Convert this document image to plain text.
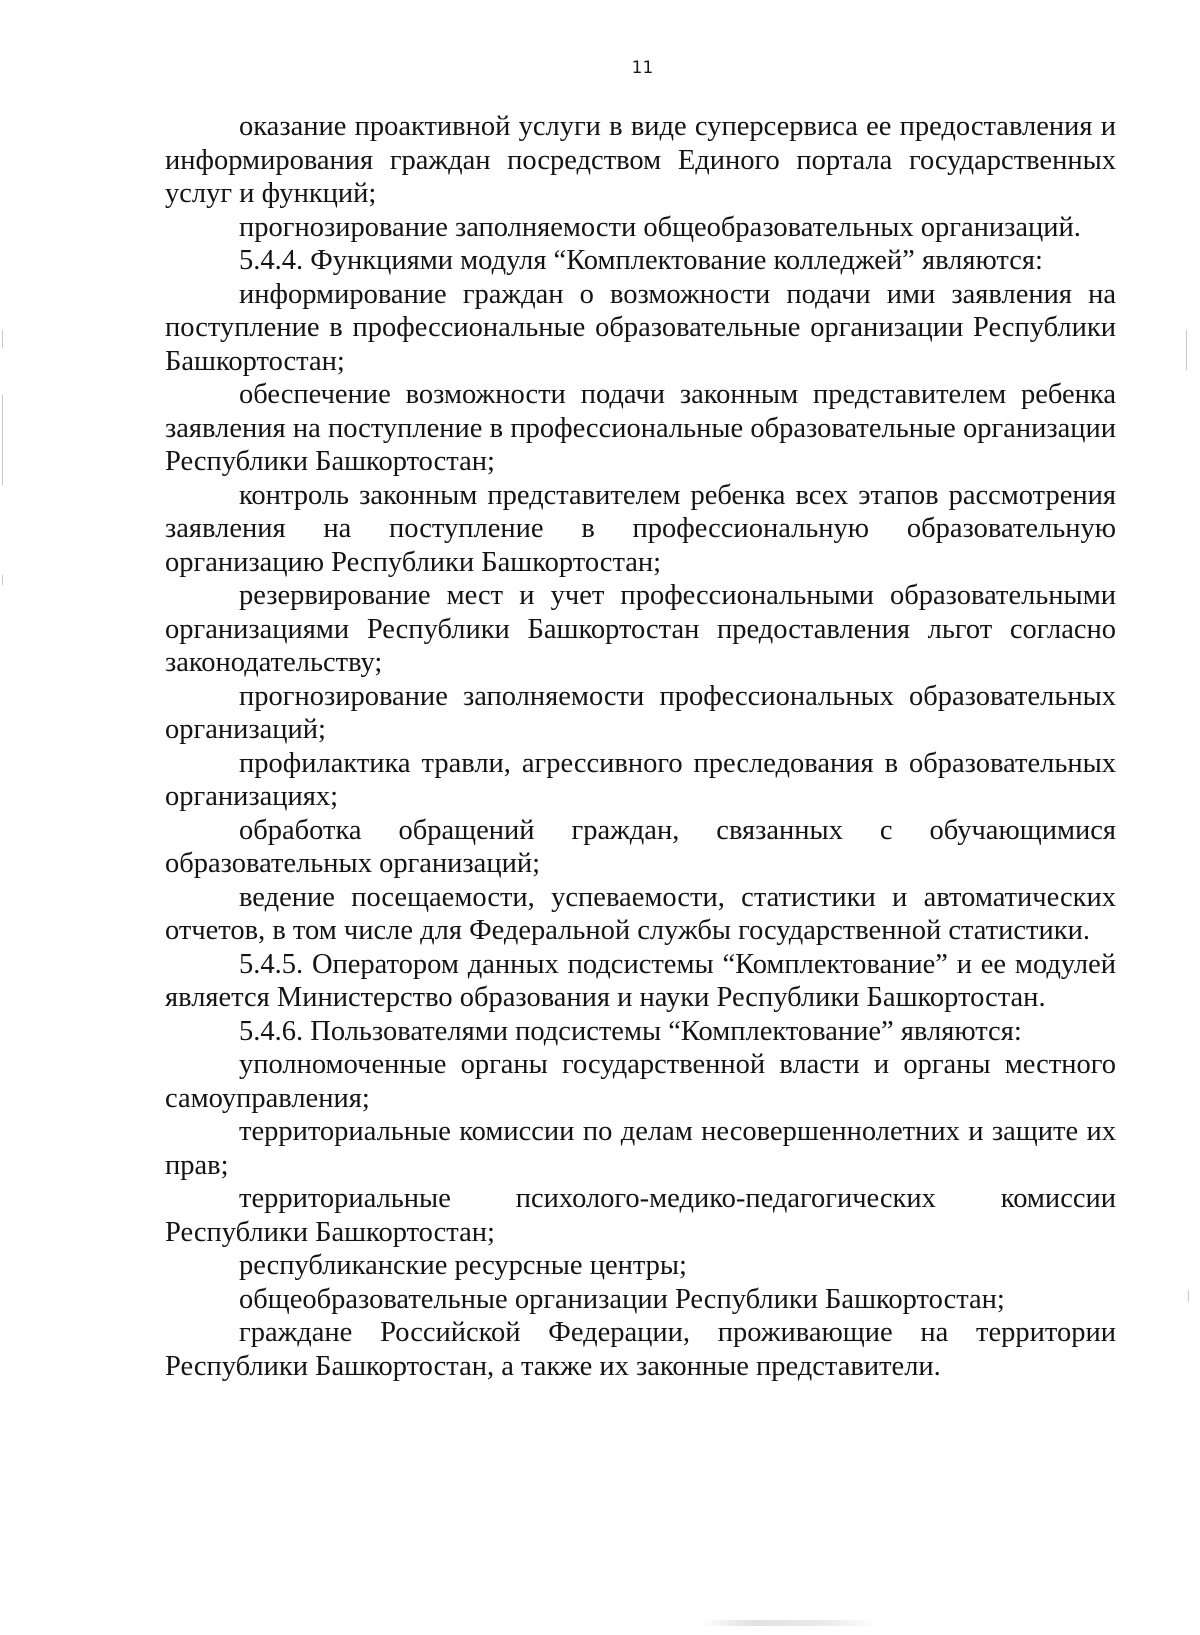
11

оказание проактивной услуги в виде суперсервиса ее предоставления и информирования граждан посредством Единого портала государственных услуг и функций;

прогнозирование заполняемости общеобразовательных организаций.

5.4.4. Функциями модуля “Комплектование колледжей” являются:

информирование граждан о возможности подачи ими заявления на поступление в профессиональные образовательные организации Республики Башкортостан;

обеспечение возможности подачи законным представителем ребенка заявления на поступление в профессиональные образовательные организации Республики Башкортостан;

контроль законным представителем ребенка всех этапов рассмотрения заявления на поступление в профессиональную образовательную организацию Республики Башкортостан;

резервирование мест и учет профессиональными образовательными организациями Республики Башкортостан предоставления льгот согласно законодательству;

прогнозирование заполняемости профессиональных образовательных организаций;

профилактика травли, агрессивного преследования в образовательных организациях;

обработка обращений граждан, связанных с обучающимися образовательных организаций;

ведение посещаемости, успеваемости, статистики и автоматических отчетов, в том числе для Федеральной службы государственной статистики.

5.4.5. Оператором данных подсистемы “Комплектование” и ее модулей является Министерство образования и науки Республики Башкортостан.

5.4.6. Пользователями подсистемы “Комплектование” являются:

уполномоченные органы государственной власти и органы местного самоуправления;

территориальные комиссии по делам несовершеннолетних и защите их прав;

территориальные психолого-медико-педагогических комиссии Республики Башкортостан;

республиканские ресурсные центры;

общеобразовательные организации Республики Башкортостан;

граждане Российской Федерации, проживающие на территории Республики Башкортостан, а также их законные представители.
